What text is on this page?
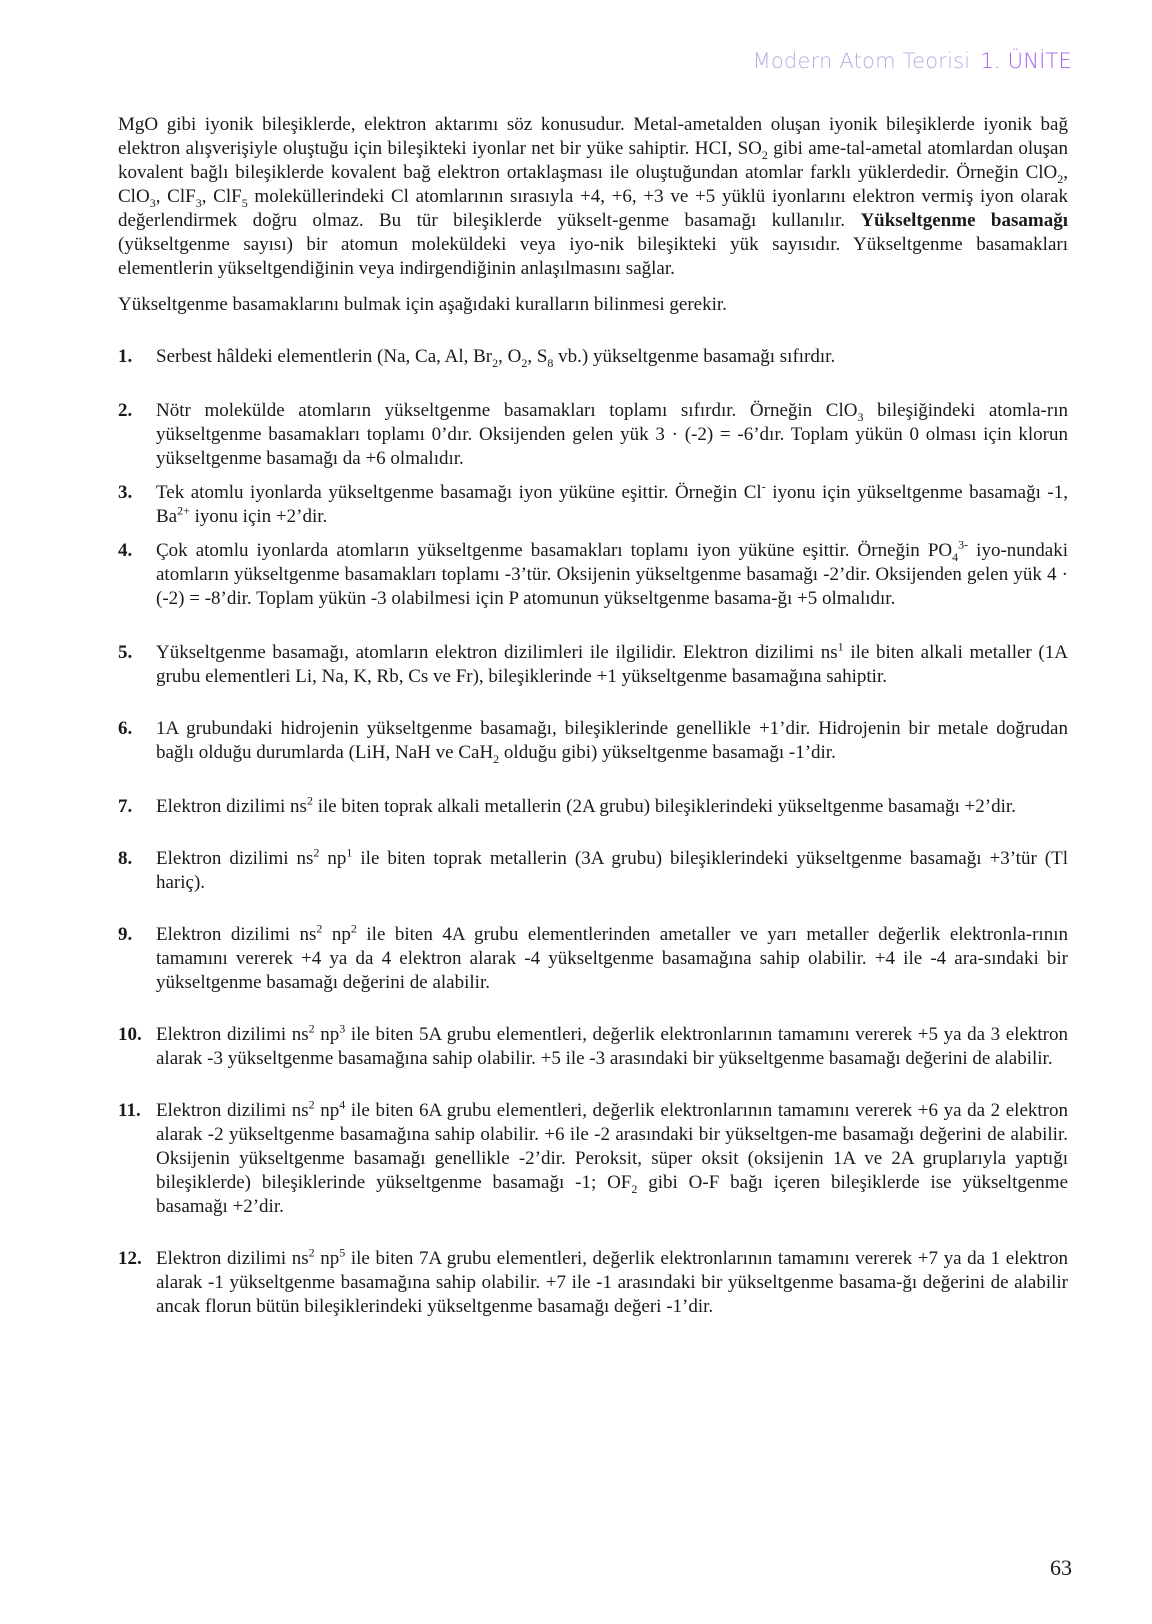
Modern Atom Teorisi 1. ÜNİTE

MgO gibi iyonik bileşiklerde, elektron aktarımı söz konusudur. Metal-ametalden oluşan iyonik bileşiklerde iyonik bağ elektron alışverişiyle oluştuğu için bileşikteki iyonlar net bir yüke sahiptir. HCI, $SO_2$ gibi ame-tal-ametal atomlardan oluşan kovalent bağlı bileşiklerde kovalent bağ elektron ortaklaşması ile oluştuğundan atomlar farklı yüklerdedir. Örneğin ClO$_2$, ClO$_3$, ClF$_3$, ClF$_5$ moleküllerindeki Cl atomlarının sırasıyla +4, +6, +3 ve +5 yüklü iyonlarını elektron vermiş iyon olarak değerlendirmek doğru olmaz. Bu tür bileşiklerde yükselt-genme basamağı kullanılır. Yükseltgenme basamağı (yükseltgenme sayısı) bir atomun moleküldeki veya iyo-nik bileşikteki yük sayısıdır. Yükseltgenme basamakları elementlerin yükseltgendiğinin veya indirgendiğinin anlaşılmasını sağlar.

Yükseltgenme basamaklarını bulmak için aşağıdaki kuralların bilinmesi gerekir.

1. Serbest hâldeki elementlerin (Na, Ca, Al, $Br_2$, $O_2$, $S_8$ vb.) yükseltgenme basamağı sıfırdır.
2. Nötr molekülde atomların yükseltgenme basamakları toplamı sıfırdır. Örneğin ClO$_3$ bileşiğindeki atomla-rın yükseltgenme basamakları toplamı 0’dır. Oksijenden gelen yük 3 · (-2) = -6’dır. Toplam yükün 0 olması için klorun yükseltgenme basamağı da +6 olmalıdır.
3. Tek atomlu iyonlarda yükseltgenme basamağı iyon yüküne eşittir. Örneğin Cl- iyonu için yükseltgenme basamağı -1, $Ba^{2+}$ iyonu için +2’dir.
4. Çok atomlu iyonlarda atomların yükseltgenme basamakları toplamı iyon yüküne eşittir. Örneğin $PO_4^{3-}$ iyo-nundaki atomların yükseltgenme basamakları toplamı -3’tür. Oksijenin yükseltgenme basamağı -2’dir. Oksijenden gelen yük 4 · (-2) = -8’dir. Toplam yükün -3 olabilmesi için P atomunun yükseltgenme basama-ğı +5 olmalıdır.
5. Yükseltgenme basamağı, atomların elektron dizilimleri ile ilgilidir. Elektron dizilimi $ns^1$ ile biten alkali metaller (1A grubu elementleri Li, Na, K, Rb, Cs ve Fr), bileşiklerinde +1 yükseltgenme basamağına sahiptir.
6. 1A grubundaki hidrojenin yükseltgenme basamağı, bileşiklerinde genellikle +1’dir. Hidrojenin bir metale doğrudan bağlı olduğu durumlarda (LiH, NaH ve CaH$_2$ olduğu gibi) yükseltgenme basamağı -1’dir.
7. Elektron dizilimi $ns^2$ ile biten toprak alkali metallerin (2A grubu) bileşiklerindeki yükseltgenme basamağı +2’dir.
8. Elektron dizilimi $ns^2$ $np^1$ ile biten toprak metallerin (3A grubu) bileşiklerindeki yükseltgenme basamağı +3’tür (Tl hariç).
9. Elektron dizilimi $ns^2$ $np^2$ ile biten 4A grubu elementlerinden ametaller ve yarı metaller değerlik elektronla-rının tamamını vererek +4 ya da 4 elektron alarak -4 yükseltgenme basamağına sahip olabilir. +4 ile -4 ara-sındaki bir yükseltgenme basamağı değerini de alabilir.
10. Elektron dizilimi $ns^2$ $np^3$ ile biten 5A grubu elementleri, değerlik elektronlarının tamamını vererek +5 ya da 3 elektron alarak -3 yükseltgenme basamağına sahip olabilir. +5 ile -3 arasındaki bir yükseltgenme basamağı değerini de alabilir.
11. Elektron dizilimi $ns^2$ $np^4$ ile biten 6A grubu elementleri, değerlik elektronlarının tamamını vererek +6 ya da 2 elektron alarak -2 yükseltgenme basamağına sahip olabilir. +6 ile -2 arasındaki bir yükseltgen-me basamağı değerini de alabilir. Oksijenin yükseltgenme basamağı genellikle -2’dir. Peroksit, süper oksit (oksijenin 1A ve 2A gruplarıyla yaptığı bileşiklerde) bileşiklerinde yükseltgenme basamağı -1; $OF_2$ gibi O-F bağı içeren bileşiklerde ise yükseltgenme basamağı +2’dir.
12. Elektron dizilimi $ns^2$ $np^5$ ile biten 7A grubu elementleri, değerlik elektronlarının tamamını vererek +7 ya da 1 elektron alarak -1 yükseltgenme basamağına sahip olabilir. +7 ile -1 arasındaki bir yükseltgenme basama-ğı değerini de alabilir ancak florun bütün bileşiklerindeki yükseltgenme basamağı değeri -1’dir.
63
